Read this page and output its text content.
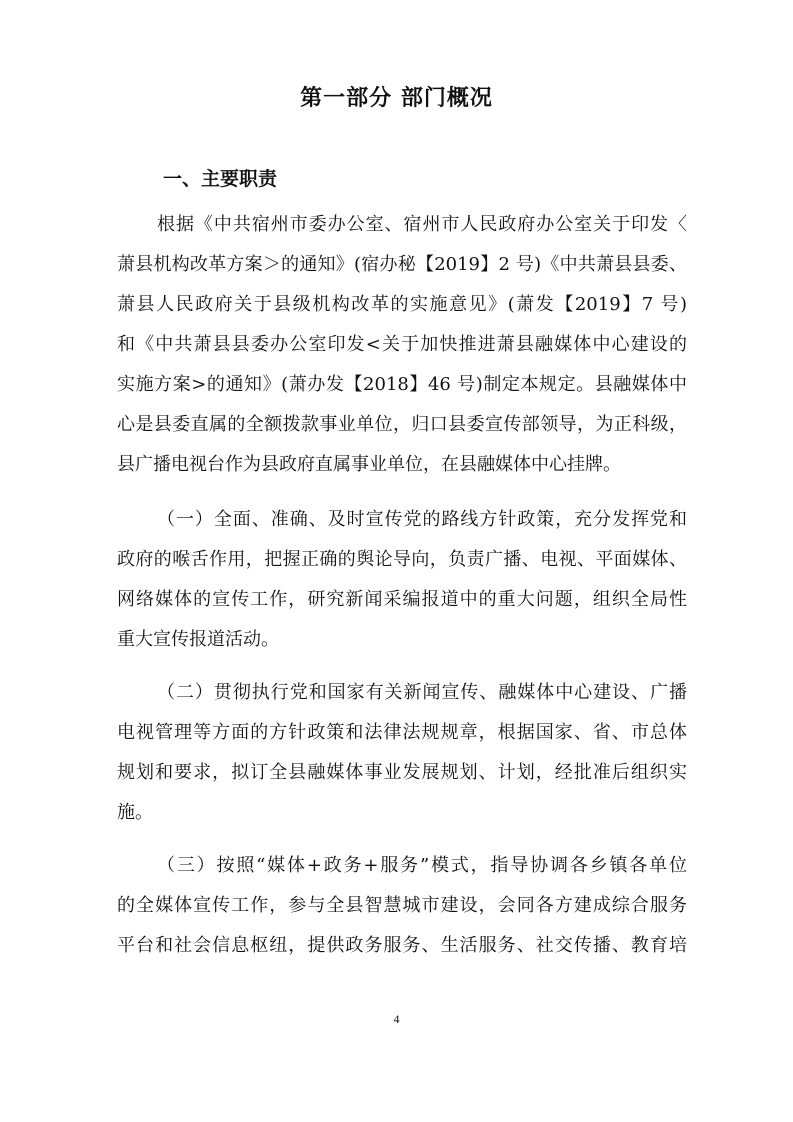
第一部分 部门概况
一、主要职责
根据《中共宿州市委办公室、宿州市人民政府办公室关于印发〈
萧县机构改革方案＞的通知》(宿办秘【2019】2 号)《中共萧县县委、
萧县人民政府关于县级机构改革的实施意见》(萧发【2019】7 号)
和《中共萧县县委办公室印发<关于加快推进萧县融媒体中心建设的
实施方案>的通知》(萧办发【2018】46 号)制定本规定。县融媒体中
心是县委直属的全额拨款事业单位，归口县委宣传部领导，为正科级，
县广播电视台作为县政府直属事业单位，在县融媒体中心挂牌。
（一）全面、准确、及时宣传党的路线方针政策，充分发挥党和
政府的喉舌作用，把握正确的舆论导向，负责广播、电视、平面媒体、
网络媒体的宣传工作，研究新闻采编报道中的重大问题，组织全局性
重大宣传报道活动。
（二）贯彻执行党和国家有关新闻宣传、融媒体中心建设、广播
电视管理等方面的方针政策和法律法规规章，根据国家、省、市总体
规划和要求，拟订全县融媒体事业发展规划、计划，经批准后组织实
施。
（三）按照“媒体+政务+服务”模式，指导协调各乡镇各单位
的全媒体宣传工作，参与全县智慧城市建设，会同各方建成综合服务
平台和社会信息枢纽，提供政务服务、生活服务、社交传播、教育培
4
